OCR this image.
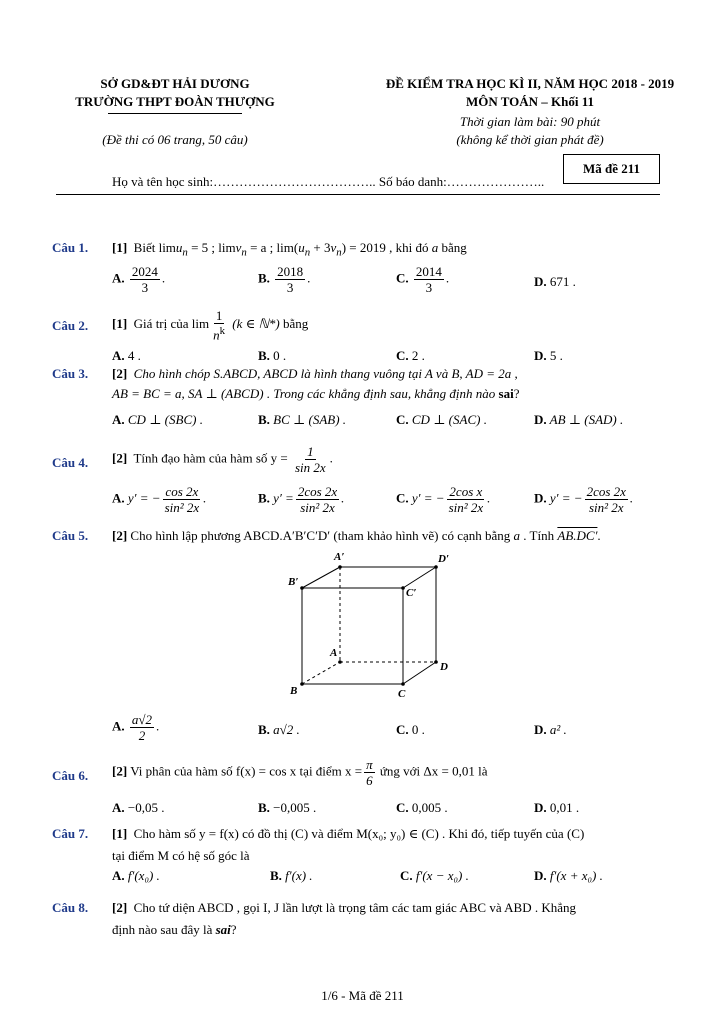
SỞ GD&ĐT HẢI DƯƠNG
TRƯỜNG THPT ĐOÀN THƯỢNG
(Đề thi có 06 trang, 50 câu)
ĐỀ KIỂM TRA HỌC KÌ II, NĂM HỌC 2018 - 2019
MÔN TOÁN – Khối 11
Thời gian làm bài: 90 phút
(không kể thời gian phát đề)
Mã đề 211
Họ và tên học sinh:……………………………….. Số báo danh:…………………..
Câu 1. [1] Biết limu$_n$ = 5 ; limv$_n$ = a ; $\lim(u_n + 3v_n) = 2019$ , khi đó a bằng
A. $\frac{2024}{3}$ .	B. $\frac{2018}{3}$ .	C. $\frac{2014}{3}$ .	D. 671 .
Câu 2. [1] Giá trị của $\lim \frac{1}{n^k} (k$ ∈ ℕ*) bằng
A. 4 .	B. 0 .	C. 2 .	D. 5 .
Câu 3. [2] Cho hình chóp S.ABCD, ABCD là hình thang vuông tại A và B, AD = 2a ,
AB = BC = a, SA ⊥ (ABCD) . Trong các khẳng định sau, khẳng định nào sai?
A. CD ⊥ (SBC) .	B. BC ⊥ (SAB) .	C. CD ⊥ (SAC) .	D. AB ⊥ (SAD) .
Câu 4. [2] Tính đạo hàm của hàm số $y = \frac{1}{\sin 2x}$ .
A. y′ = − $\frac{\cos 2x}{\text{sin² 2x}}$ .	B. $y' = \frac{2\cos 2x}{\text{sin² 2x}}$ .	C. y′ = − $\frac{\text{2cos x}}{\text{sin² 2x}}$ .	D. y′ = − $\frac{2\cos 2x}{\text{sin² 2x}}$ .
Câu 5. [2] Cho hình lập phương ABCD.A′B′C′D′ (tham khảo hình vẽ) có cạnh bằng a . Tính AB.DC′.
A′	D′
B′
C′
A
D
B	C
A. $\frac{a√2}{2}$ .	B. a√2 .	C. 0 .	D. a² .
Câu 6. [2] Vi phân của hàm số f(x) = cos x tại điểm $x = \frac{\pi}{6}$ ứng với Δx = 0,01 là
A. −0,05 .	B. −0,005 .	C. 0,005 .	D. 0,01 .
Câu 7. [1] Cho hàm số y = f(x) có đồ thị (C) và điểm M(x₀; y₀) ∈ (C) . Khi đó, tiếp tuyến của (C)
tại điểm M có hệ số góc là
A. f′(x₀) .	B. f′(x) .	C. f′(x − x₀) .	D. f′(x + x₀) .
Câu 8. [2] Cho tứ diện ABCD , gọi I, J lần lượt là trọng tâm các tam giác ABC và ABD . Khẳng
định nào sau đây là sai?
1/6 - Mã đề 211
